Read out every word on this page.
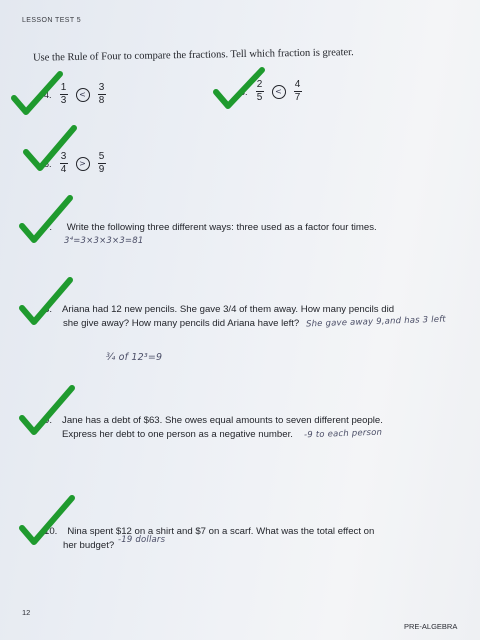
LESSON TEST 5
Use the Rule of Four to compare the fractions. Tell which fraction is greater.
4. $\frac{1}{3}$	<	$\frac{3}{8}$	5. $\frac{2}{5}$	<	$\frac{4}{7}$
6. $\frac{3}{4}$	>	$\frac{5}{9}$
7. Write the following three different ways: three used as a factor four times.
3⁴=3×3×3×3=81
8. Ariana had 12 new pencils. She gave 3/4 of them away. How many pencils did
she give away? How many pencils did Ariana have left? She gave away 9,and has 3 left
¾ of 12³=9
9. Jane has a debt of $63. She owes equal amounts to seven different people.
Express her debt to one person as a negative number.	-9 to each person
10. Nina spent $12 on a shirt and $7 on a scarf. What was the total effect on
her budget? -19 dollars
12
PRE-ALGEBRA
